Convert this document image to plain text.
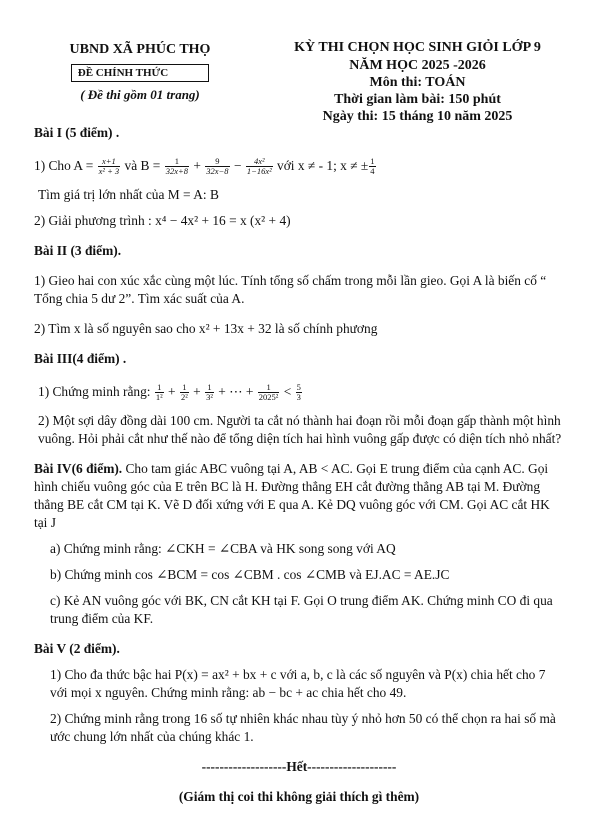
UBND XÃ PHÚC THỌ
ĐỀ CHÍNH THỨC
( Đề thi gồm 01 trang)
KỲ THI CHỌN HỌC SINH GIỎI LỚP 9
NĂM HỌC 2025 -2026
Môn thi: TOÁN
Thời gian làm bài: 150 phút
Ngày thi: 15 tháng 10 năm 2025

Bài I (5 điểm) .

1) Cho $A = \frac{x+1}{\text{x² + 3}}$ và $B = \frac{1}{32x+8} + \frac{9}{32x-8} - \frac{\text{4x²}}{\text{1−16x²}}$ với x ≠ - 1; x ≠ ± $\frac{1}{4}$

Tìm giá trị lớn nhất của M = A: B

2) Giải phương trình : x⁴ − 4x² + 16 = x (x² + 4)

Bài II (3 điểm).

1) Gieo hai con xúc xắc cùng một lúc. Tính tổng số chấm trong mỗi lần gieo. Gọi A là biến cố “ Tổng chia 5 dư 2”. Tìm xác suất của A.

2) Tìm x là số nguyên sao cho x² + 13x + 32 là số chính phương

Bài III(4 điểm) .

1) Chứng minh rằng: $\frac{1}{\text{1²}} + \frac{1}{\text{2²}} + \frac{1}{\text{3²}}$ + ⋯ + $\frac{1}{\text{2025²}} < \frac{5}{3}$

2) Một sợi dây đồng dài 100 cm. Người ta cắt nó thành hai đoạn rồi mỗi đoạn gấp thành một hình vuông. Hỏi phải cắt như thế nào để tổng diện tích hai hình vuông gấp được có diện tích nhỏ nhất?

Bài IV(6 điểm). Cho tam giác ABC vuông tại A, AB < AC. Gọi E trung điểm của cạnh AC. Gọi hình chiếu vuông góc của E trên BC là H. Đường thẳng EH cắt đường thẳng AB tại M. Đường thẳng BE cắt CM tại K. Vẽ D đối xứng với E qua A. Kẻ DQ vuông góc với CM. Gọi AC cắt HK tại J

a) Chứng minh rằng: ∠CKH = ∠CBA và HK song song với AQ

b) Chứng minh cos ∠BCM = cos ∠CBM . cos ∠CMB và EJ.AC = AE.JC

c) Kẻ AN vuông góc với BK, CN cắt KH tại F. Gọi O trung điểm AK. Chứng minh CO đi qua trung điểm của KF.

Bài V (2 điểm).

1) Cho đa thức bậc hai P(x) = ax² + bx + c với a, b, c là các số nguyên và P(x) chia hết cho 7 với mọi x nguyên. Chứng minh rằng: ab − bc + ac chia hết cho 49.

2) Chứng minh rằng trong 16 số tự nhiên khác nhau tùy ý nhỏ hơn 50 có thể chọn ra hai số mà ước chung lớn nhất của chúng khác 1.

-------------------Hết--------------------

(Giám thị coi thi không giải thích gì thêm)
